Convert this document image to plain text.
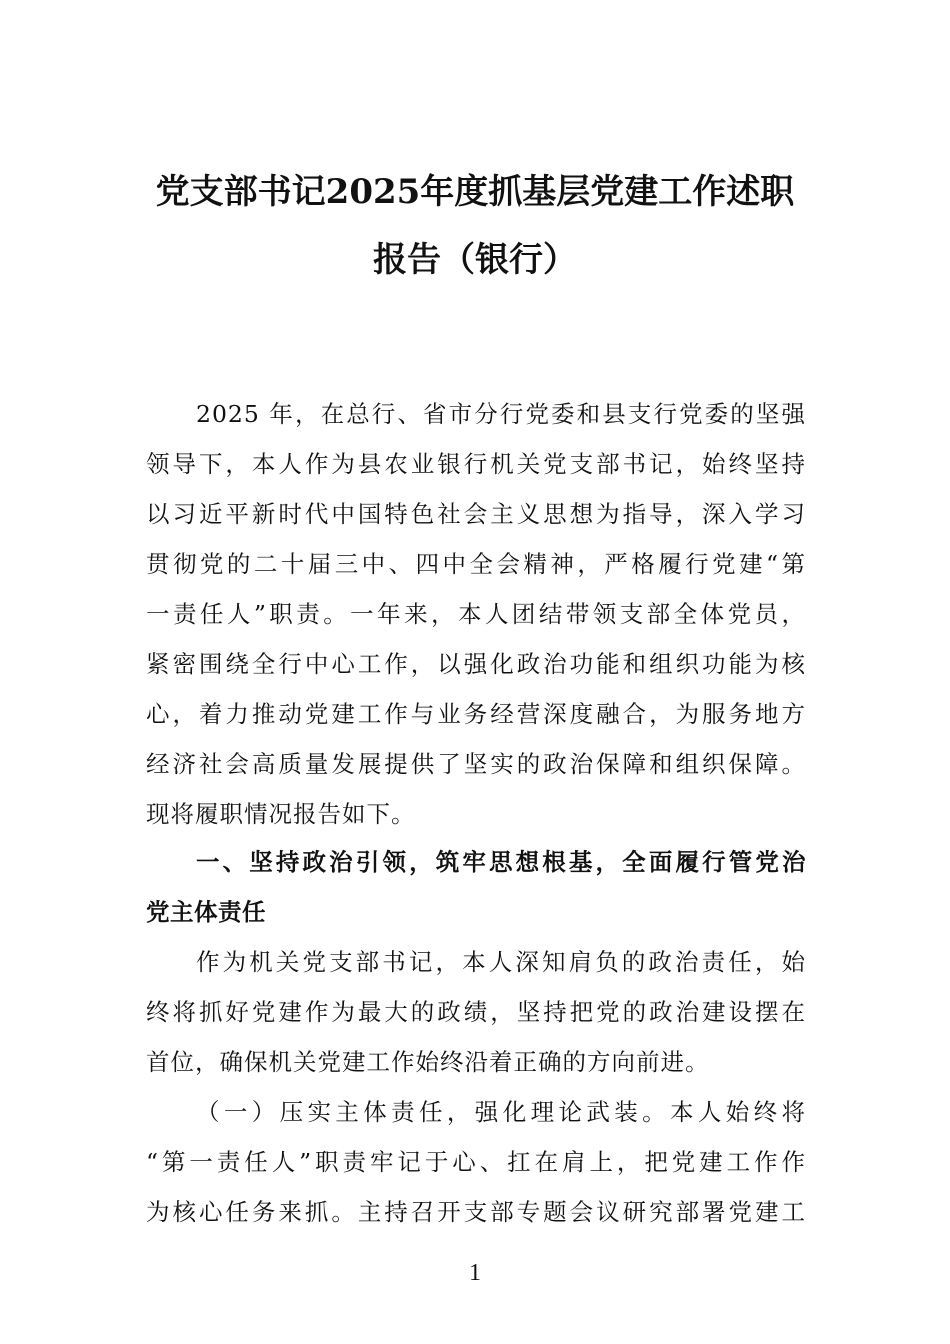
党支部书记2025年度抓基层党建工作述职
报告（银行）
2025 年，在总行、省市分行党委和县支行党委的坚强
领导下，本人作为县农业银行机关党支部书记，始终坚持
以习近平新时代中国特色社会主义思想为指导，深入学习
贯彻党的二十届三中、四中全会精神，严格履行党建“第
一责任人”职责。一年来，本人团结带领支部全体党员，
紧密围绕全行中心工作，以强化政治功能和组织功能为核
心，着力推动党建工作与业务经营深度融合，为服务地方
经济社会高质量发展提供了坚实的政治保障和组织保障。
现将履职情况报告如下。
一、坚持政治引领，筑牢思想根基，全面履行管党治
党主体责任
作为机关党支部书记，本人深知肩负的政治责任，始
终将抓好党建作为最大的政绩，坚持把党的政治建设摆在
首位，确保机关党建工作始终沿着正确的方向前进。
（一）压实主体责任，强化理论武装。本人始终将
“第一责任人”职责牢记于心、扛在肩上，把党建工作作
为核心任务来抓。主持召开支部专题会议研究部署党建工
1
